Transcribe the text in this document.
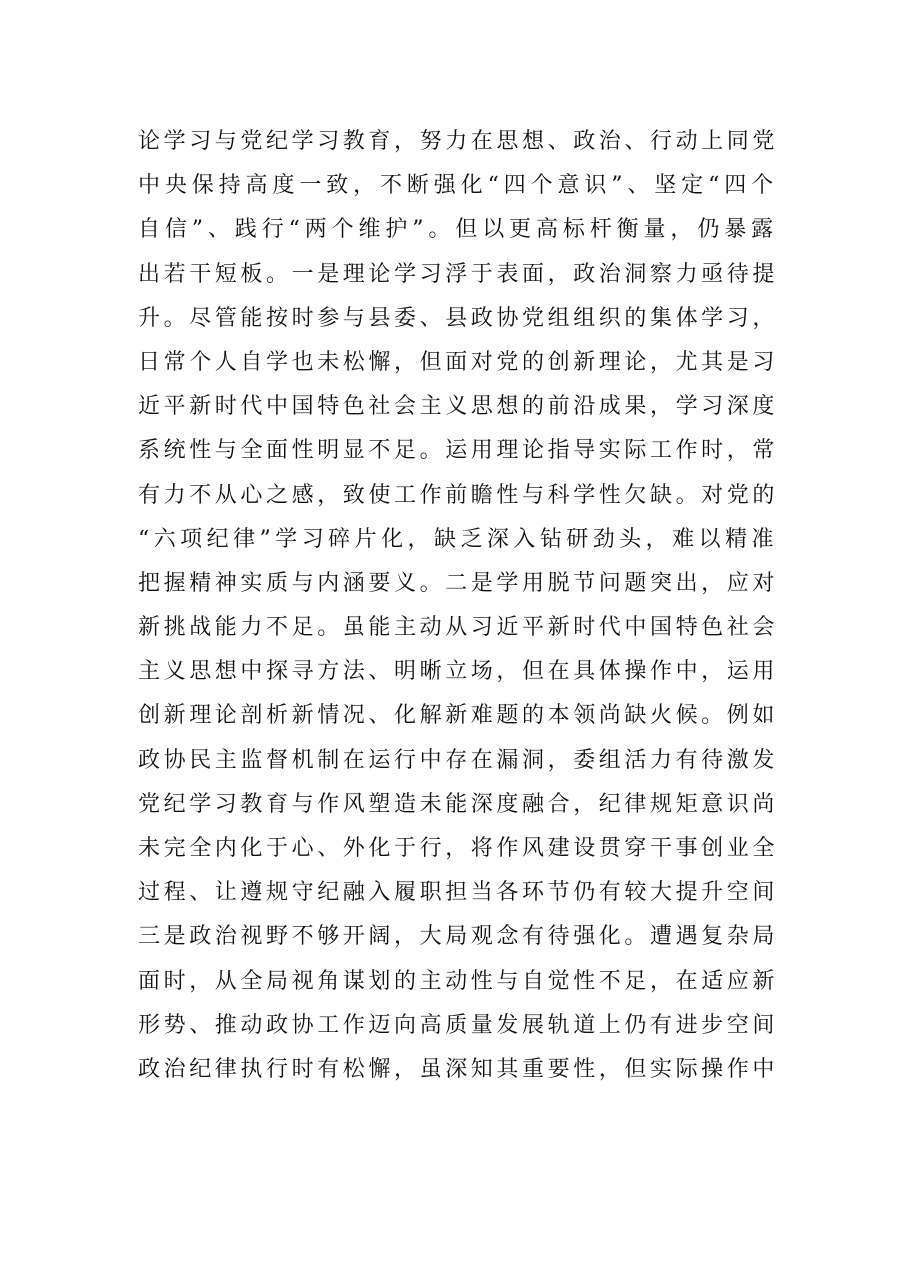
论学习与党纪学习教育，努力在思想、政治、行动上同党
中央保持高度一致，不断强化“四个意识”、坚定“四个
自信”、践行“两个维护”。但以更高标杆衡量，仍暴露
出若干短板。一是理论学习浮于表面，政治洞察力亟待提
升。尽管能按时参与县委、县政协党组组织的集体学习，
日常个人自学也未松懈，但面对党的创新理论，尤其是习
近平新时代中国特色社会主义思想的前沿成果，学习深度
系统性与全面性明显不足。运用理论指导实际工作时，常
有力不从心之感，致使工作前瞻性与科学性欠缺。对党的
“六项纪律”学习碎片化，缺乏深入钻研劲头，难以精准
把握精神实质与内涵要义。二是学用脱节问题突出，应对
新挑战能力不足。虽能主动从习近平新时代中国特色社会
主义思想中探寻方法、明晰立场，但在具体操作中，运用
创新理论剖析新情况、化解新难题的本领尚缺火候。例如
政协民主监督机制在运行中存在漏洞，委组活力有待激发
党纪学习教育与作风塑造未能深度融合，纪律规矩意识尚
未完全内化于心、外化于行，将作风建设贯穿干事创业全
过程、让遵规守纪融入履职担当各环节仍有较大提升空间
三是政治视野不够开阔，大局观念有待强化。遭遇复杂局
面时，从全局视角谋划的主动性与自觉性不足，在适应新
形势、推动政协工作迈向高质量发展轨道上仍有进步空间
政治纪律执行时有松懈，虽深知其重要性，但实际操作中
